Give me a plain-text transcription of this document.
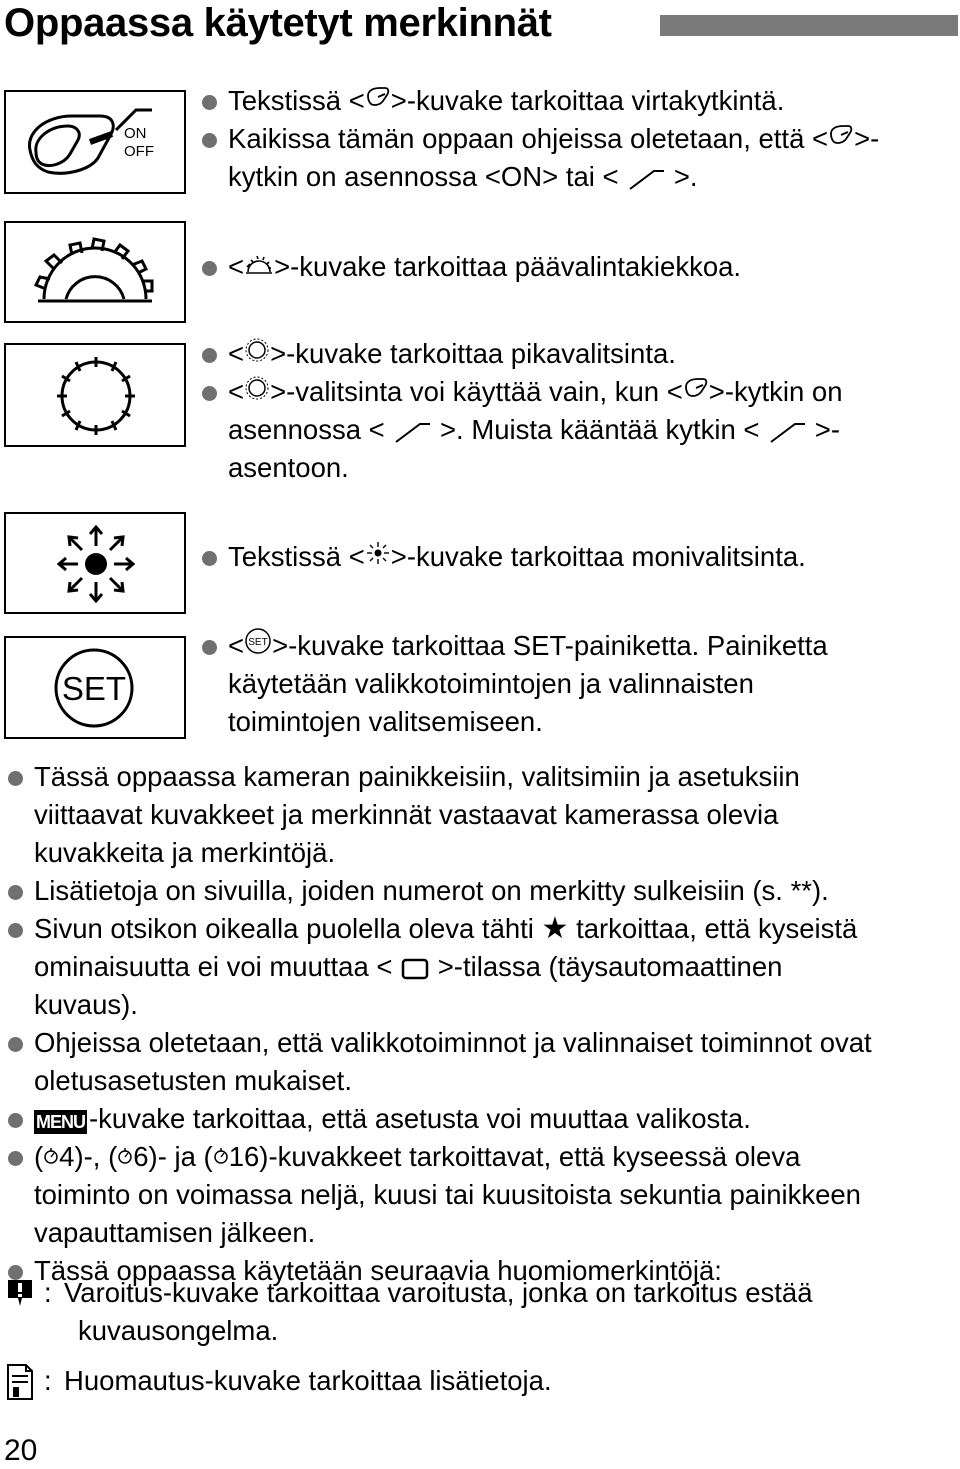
Oppaassa käytetyt merkinnät
ON
OFF
Tekstissä < >-kuvake tarkoittaa virtakytkintä.
Kaikissa tämän oppaan ohjeissa oletetaan, että < >-
kytkin on asennossa <ON> tai < >.
< >-kuvake tarkoittaa päävalintakiekkoa.
< >-kuvake tarkoittaa pikavalitsinta.
< >-valitsinta voi käyttää vain, kun < >-kytkin on
asennossa < >. Muista kääntää kytkin < >-
asentoon.
Tekstissä < >-kuvake tarkoittaa monivalitsinta.
SET
< SET >-kuvake tarkoittaa SET-painiketta. Painiketta
käytetään valikkotoimintojen ja valinnaisten
toimintojen valitsemiseen.
Tässä oppaassa kameran painikkeisiin, valitsimiin ja asetuksiin
viittaavat kuvakkeet ja merkinnät vastaavat kamerassa olevia
kuvakkeita ja merkintöjä.
Lisätietoja on sivuilla, joiden numerot on merkitty sulkeisiin (s. **).
Sivun otsikon oikealla puolella oleva tähti
★
tarkoittaa, että kyseistä
ominaisuutta ei voi muuttaa < >-tilassa (täysautomaattinen
kuvaus).
Ohjeissa oletetaan, että valikkotoiminnot ja valinnaiset toiminnot ovat
oletusasetusten mukaiset.
MENU -kuvake tarkoittaa, että asetusta voi muuttaa valikosta.
( 4 )-, ( 6 )- ja ( 16 )-kuvakkeet tarkoittavat, että kyseessä oleva
toiminto on voimassa neljä, kuusi tai kuusitoista sekuntia painikkeen
vapauttamisen jälkeen.
Tässä oppaassa käytetään seuraavia huomiomerkintöjä:
: Varoitus-kuvake tarkoittaa varoitusta, jonka on tarkoitus estää
kuvausongelma.
: Huomautus-kuvake tarkoittaa lisätietoja.
20
